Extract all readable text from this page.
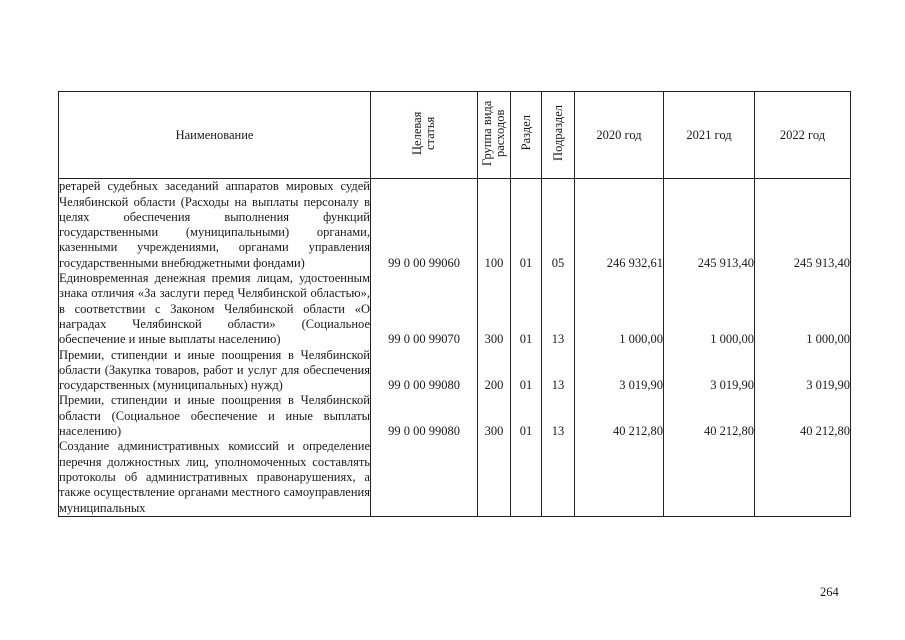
Наименование	Целевая статья	Группа вида расходов	Раздел	Подраздел	2020 год	2021 год	2022 год
ретарей судебных заседаний аппаратов мировых судей Челябинской области (Расходы на выплаты персоналу в целях обеспечения выполнения функций государственными (муниципальными) органами, казенными учреждениями, органами управления государственными внебюджетными фондами)	99 0 00 99060	100	01	05	246 932,61	245 913,40	245 913,40
Единовременная денежная премия лицам, удостоенным знака отличия «За заслуги перед Челябинской областью», в соответствии с Законом Челябинской области «О наградах Челябинской области» (Социальное обеспечение и иные выплаты населению)	99 0 00 99070	300	01	13	1 000,00	1 000,00	1 000,00
Премии, стипендии и иные поощрения в Челябинской области (Закупка товаров, работ и услуг для обеспечения государственных (муниципальных) нужд)	99 0 00 99080	200	01	13	3 019,90	3 019,90	3 019,90
Премии, стипендии и иные поощрения в Челябинской области (Социальное обеспечение и иные выплаты населению)	99 0 00 99080	300	01	13	40 212,80	40 212,80	40 212,80
Создание административных комиссий и определение перечня должностных лиц, уполномоченных составлять протоколы об административных правонарушениях, а также осуществление органами местного самоуправления муниципальных							
264
